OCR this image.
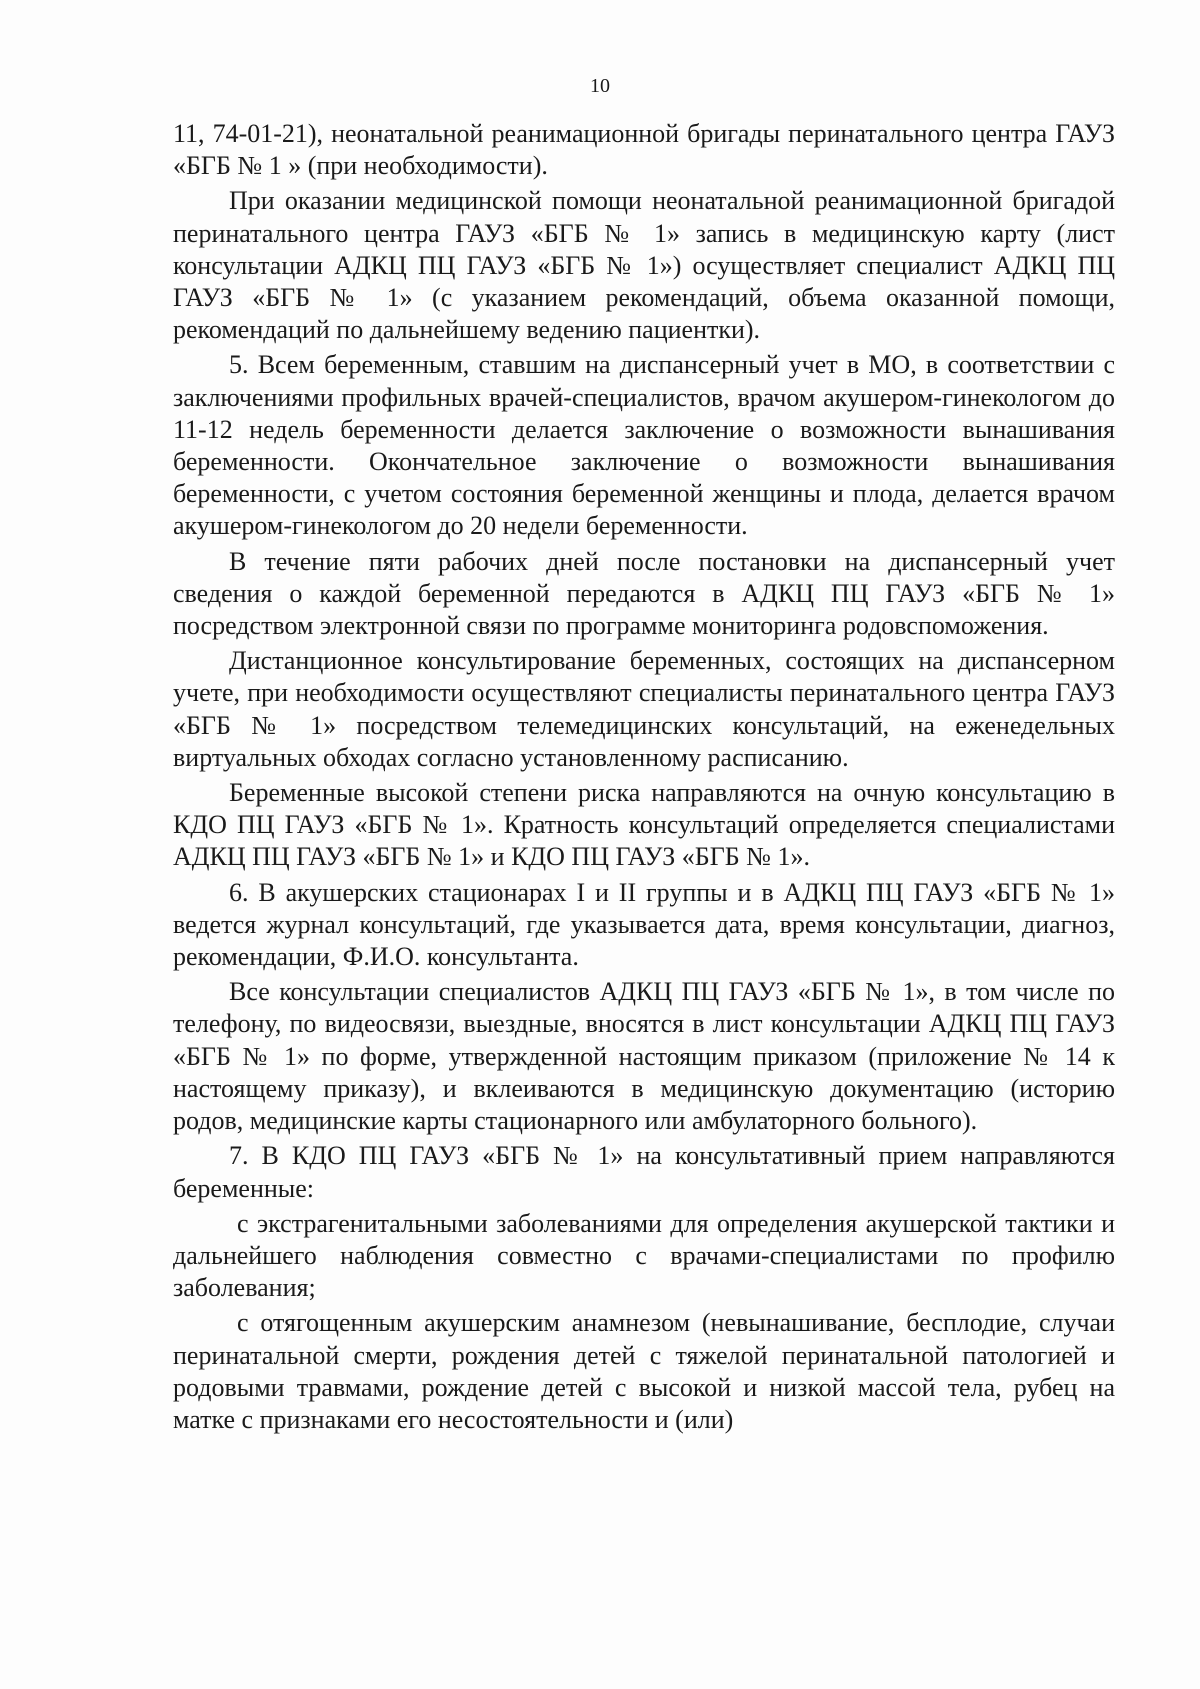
10

11, 74-01-21), неонатальной реанимационной бригады перинатального центра ГАУЗ «БГБ № 1 » (при необходимости).

При оказании медицинской помощи неонатальной реанимационной бригадой перинатального центра ГАУЗ «БГБ № 1» запись в медицинскую карту (лист консультации АДКЦ ПЦ ГАУЗ «БГБ № 1») осуществляет специалист АДКЦ ПЦ ГАУЗ «БГБ № 1» (с указанием рекомендаций, объема оказанной помощи, рекомендаций по дальнейшему ведению пациентки).

5. Всем беременным, ставшим на диспансерный учет в МО, в соответствии с заключениями профильных врачей-специалистов, врачом акушером-гинекологом до 11-12 недель беременности делается заключение о возможности вынашивания беременности. Окончательное заключение о возможности вынашивания беременности, с учетом состояния беременной женщины и плода, делается врачом акушером-гинекологом до 20 недели беременности.

В течение пяти рабочих дней после постановки на диспансерный учет сведения о каждой беременной передаются в АДКЦ ПЦ ГАУЗ «БГБ № 1» посредством электронной связи по программе мониторинга родовспоможения.

Дистанционное консультирование беременных, состоящих на диспансерном учете, при необходимости осуществляют специалисты перинатального центра ГАУЗ «БГБ № 1» посредством телемедицинских консультаций, на еженедельных виртуальных обходах согласно установленному расписанию.

Беременные высокой степени риска направляются на очную консультацию в КДО ПЦ ГАУЗ «БГБ № 1». Кратность консультаций определяется специалистами АДКЦ ПЦ ГАУЗ «БГБ № 1» и КДО ПЦ ГАУЗ «БГБ № 1».

6. В акушерских стационарах I и II группы и в АДКЦ ПЦ ГАУЗ «БГБ № 1» ведется журнал консультаций, где указывается дата, время консультации, диагноз, рекомендации, Ф.И.О. консультанта.

Все консультации специалистов АДКЦ ПЦ ГАУЗ «БГБ № 1», в том числе по телефону, по видеосвязи, выездные, вносятся в лист консультации АДКЦ ПЦ ГАУЗ «БГБ № 1» по форме, утвержденной настоящим приказом (приложение № 14 к настоящему приказу), и вклеиваются в медицинскую документацию (историю родов, медицинские карты стационарного или амбулаторного больного).

7. В КДО ПЦ ГАУЗ «БГБ № 1» на консультативный прием направляются беременные:

с экстрагенитальными заболеваниями для определения акушерской тактики и дальнейшего наблюдения совместно с врачами-специалистами по профилю заболевания;

с отягощенным акушерским анамнезом (невынашивание, бесплодие, случаи перинатальной смерти, рождения детей с тяжелой перинатальной патологией и родовыми травмами, рождение детей с высокой и низкой массой тела, рубец на матке с признаками его несостоятельности и (или)
